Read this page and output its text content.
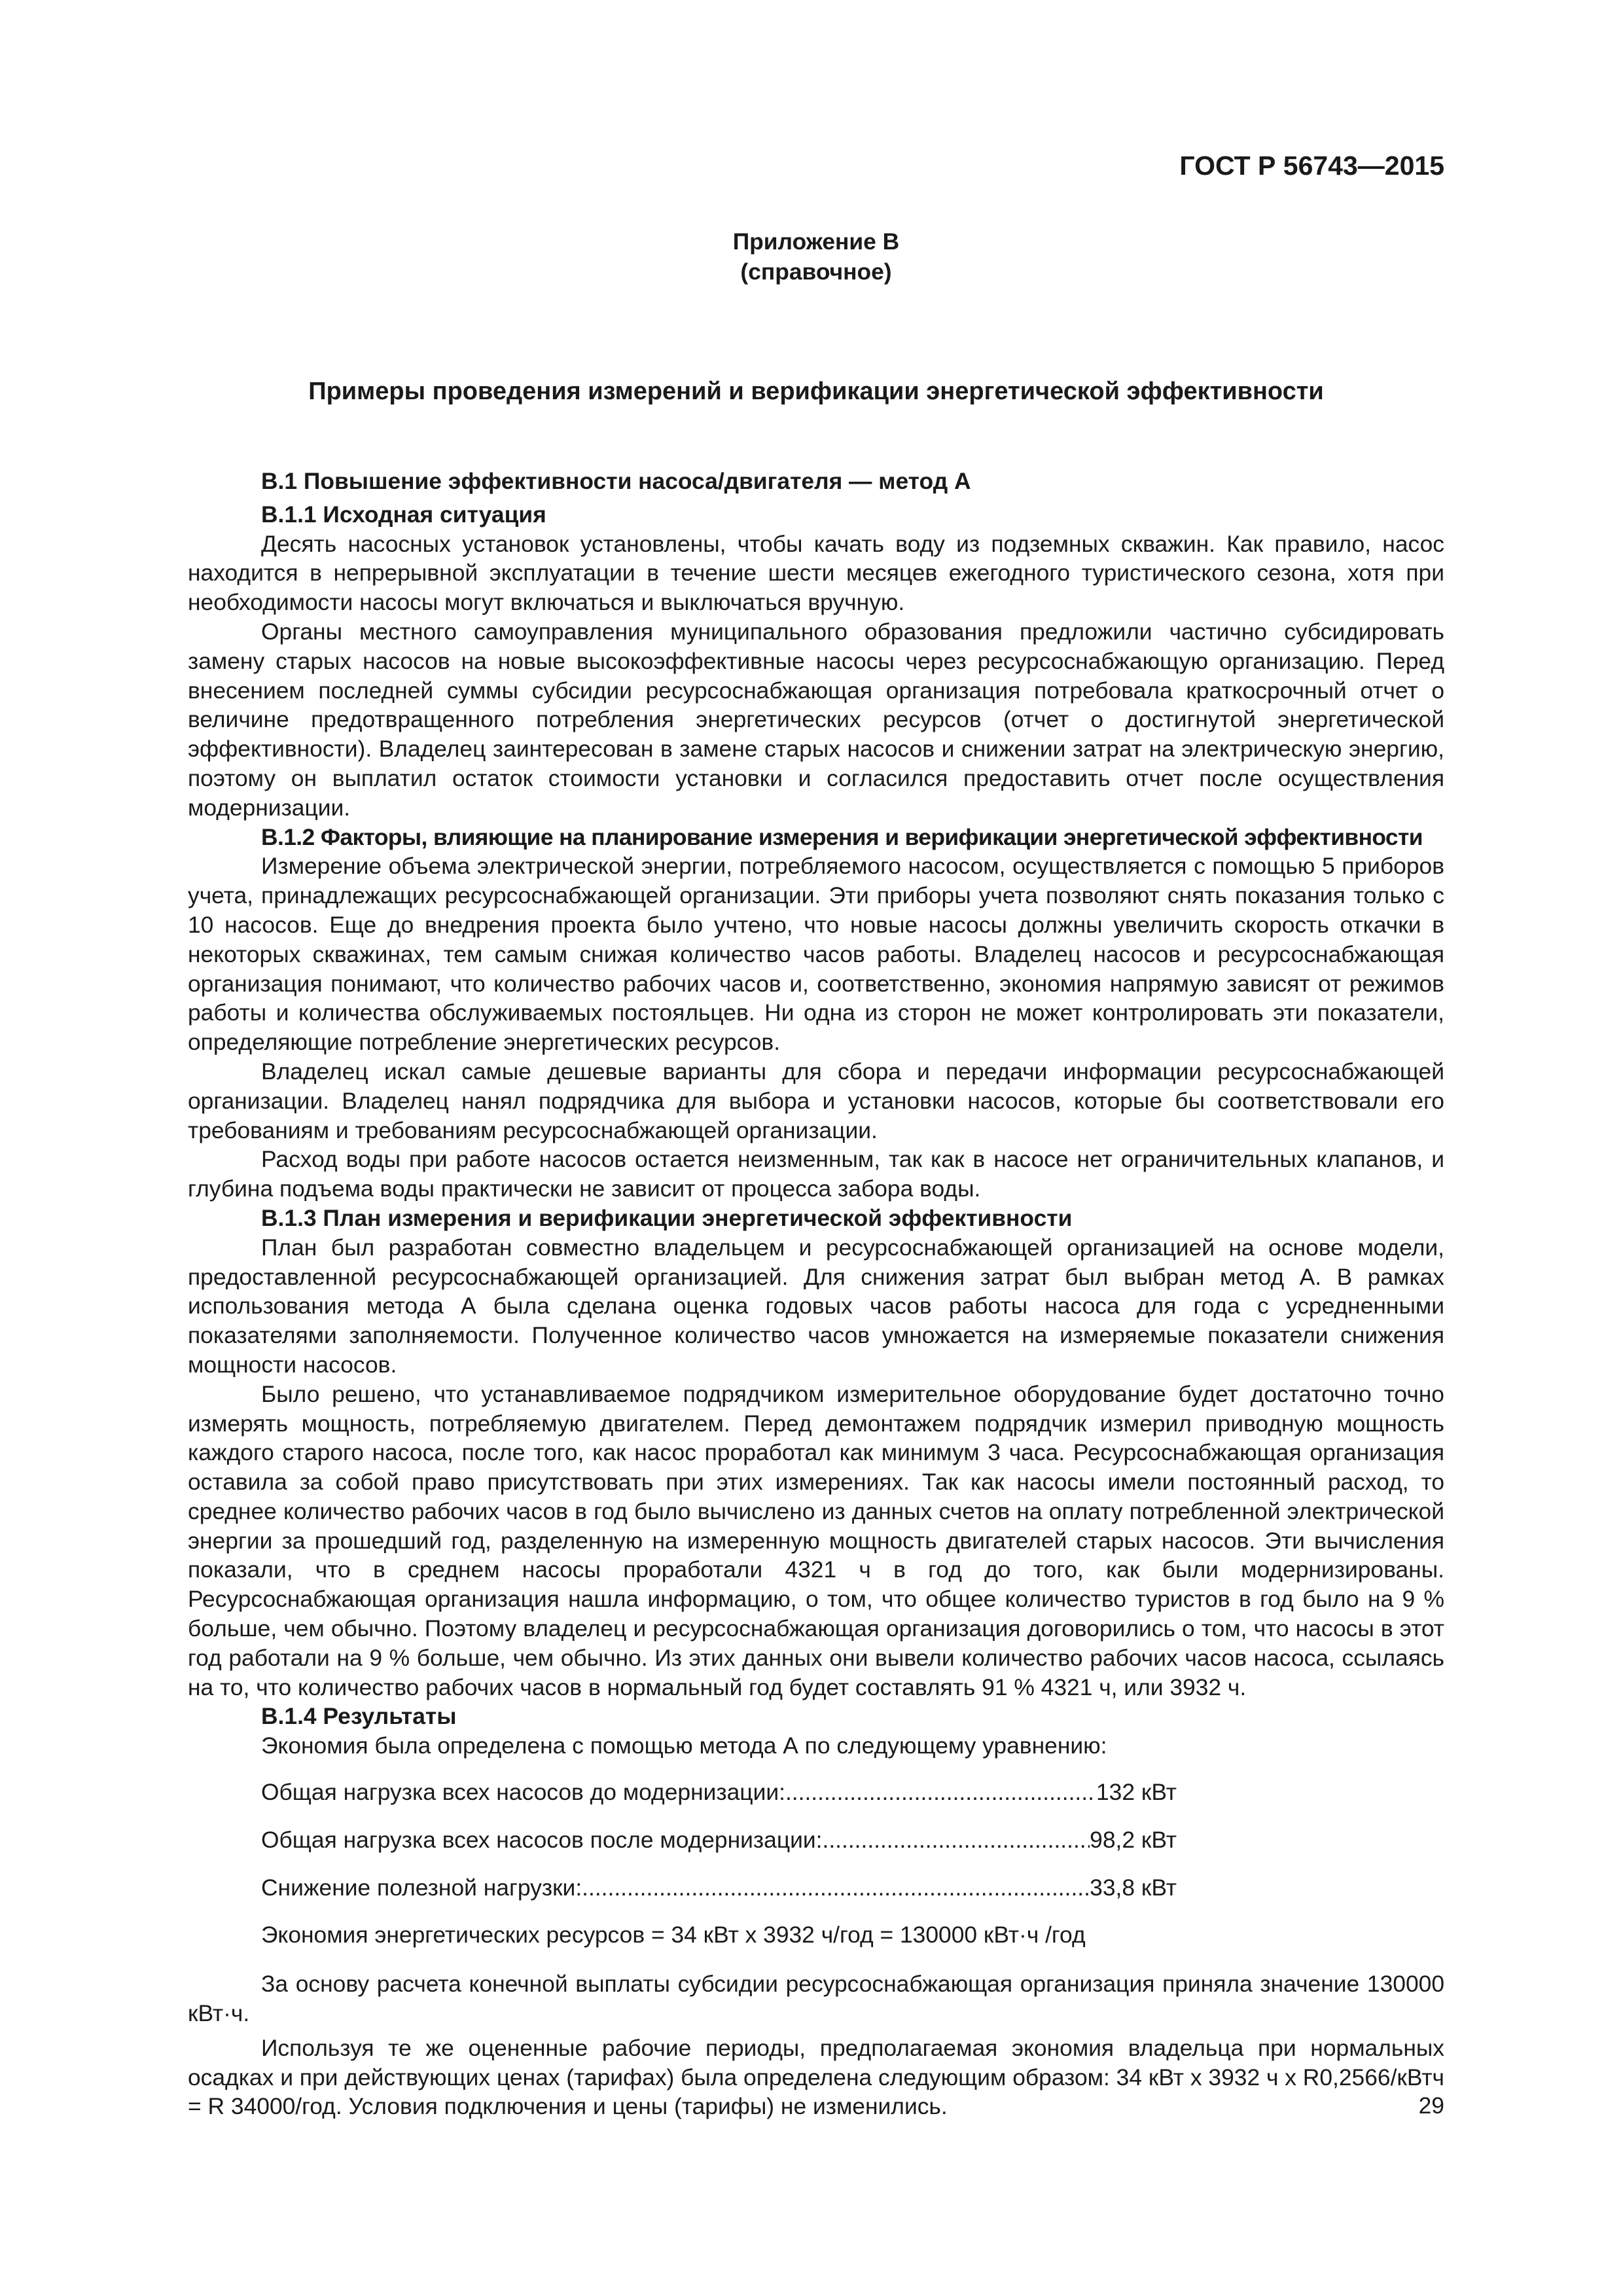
ГОСТ Р 56743—2015
Приложение В
(справочное)
Примеры проведения измерений и верификации энергетической эффективности
В.1 Повышение эффективности насоса/двигателя — метод А
В.1.1 Исходная ситуация

Десять насосных установок установлены, чтобы качать воду из подземных скважин. Как правило, насос находится в непрерывной эксплуатации в течение шести месяцев ежегодного туристического сезона, хотя при необходимости насосы могут включаться и выключаться вручную.

Органы местного самоуправления муниципального образования предложили частично субсидировать замену старых насосов на новые высокоэффективные насосы через ресурсоснабжающую организацию. Перед внесением последней суммы субсидии ресурсоснабжающая организация потребовала краткосрочный отчет о величине предотвращенного потребления энергетических ресурсов (отчет о достигнутой энергетической эффективности). Владелец заинтересован в замене старых насосов и снижении затрат на электрическую энергию, поэтому он выплатил остаток стоимости установки и согласился предоставить отчет после осуществления модернизации.

В.1.2 Факторы, влияющие на планирование измерения и верификации энергетической эффективности

Измерение объема электрической энергии, потребляемого насосом, осуществляется с помощью 5 приборов учета, принадлежащих ресурсоснабжающей организации. Эти приборы учета позволяют снять показания только с 10 насосов. Еще до внедрения проекта было учтено, что новые насосы должны увеличить скорость откачки в некоторых скважинах, тем самым снижая количество часов работы. Владелец насосов и ресурсоснабжающая организация понимают, что количество рабочих часов и, соответственно, экономия напрямую зависят от режимов работы и количества обслуживаемых постояльцев. Ни одна из сторон не может контролировать эти показатели, определяющие потребление энергетических ресурсов.

Владелец искал самые дешевые варианты для сбора и передачи информации ресурсоснабжающей организации. Владелец нанял подрядчика для выбора и установки насосов, которые бы соответствовали его требованиям и требованиям ресурсоснабжающей организации.

Расход воды при работе насосов остается неизменным, так как в насосе нет ограничительных клапанов, и глубина подъема воды практически не зависит от процесса забора воды.

В.1.3 План измерения и верификации энергетической эффективности

План был разработан совместно владельцем и ресурсоснабжающей организацией на основе модели, предоставленной ресурсоснабжающей организацией. Для снижения затрат был выбран метод А. В рамках использования метода А была сделана оценка годовых часов работы насоса для года с усредненными показателями заполняемости. Полученное количество часов умножается на измеряемые показатели снижения мощности насосов.

Было решено, что устанавливаемое подрядчиком измерительное оборудование будет достаточно точно измерять мощность, потребляемую двигателем. Перед демонтажем подрядчик измерил приводную мощность каждого старого насоса, после того, как насос проработал как минимум 3 часа. Ресурсоснабжающая организация оставила за собой право присутствовать при этих измерениях. Так как насосы имели постоянный расход, то среднее количество рабочих часов в год было вычислено из данных счетов на оплату потребленной электрической энергии за прошедший год, разделенную на измеренную мощность двигателей старых насосов. Эти вычисления показали, что в среднем насосы проработали 4321 ч в год до того, как были модернизированы. Ресурсоснабжающая организация нашла информацию, о том, что общее количество туристов в год было на 9 % больше, чем обычно. Поэтому владелец и ресурсоснабжающая организация договорились о том, что насосы в этот год работали на 9 % больше, чем обычно. Из этих данных они вывели количество рабочих часов насоса, ссылаясь на то, что количество рабочих часов в нормальный год будет составлять 91 % 4321 ч, или 3932 ч.

В.1.4 Результаты

Экономия была определена с помощью метода А по следующему уравнению:

Общая нагрузка всех насосов до модернизации: .....	132 кВт
Общая нагрузка всех насосов после модернизации: .....	98,2 кВт
Снижение полезной нагрузки: .....	33,8 кВт

Экономия энергетических ресурсов = 34 кВт х 3932 ч/год = 130000 кВт·ч /год

За основу расчета конечной выплаты субсидии ресурсоснабжающая организация приняла значение 130000 кВт·ч.

Используя те же оцененные рабочие периоды, предполагаемая экономия владельца при нормальных осадках и при действующих ценах (тарифах) была определена следующим образом: 34 кВт х 3932 ч х R0,2566/кВтч = R 34000/год. Условия подключения и цены (тарифы) не изменились.	29
